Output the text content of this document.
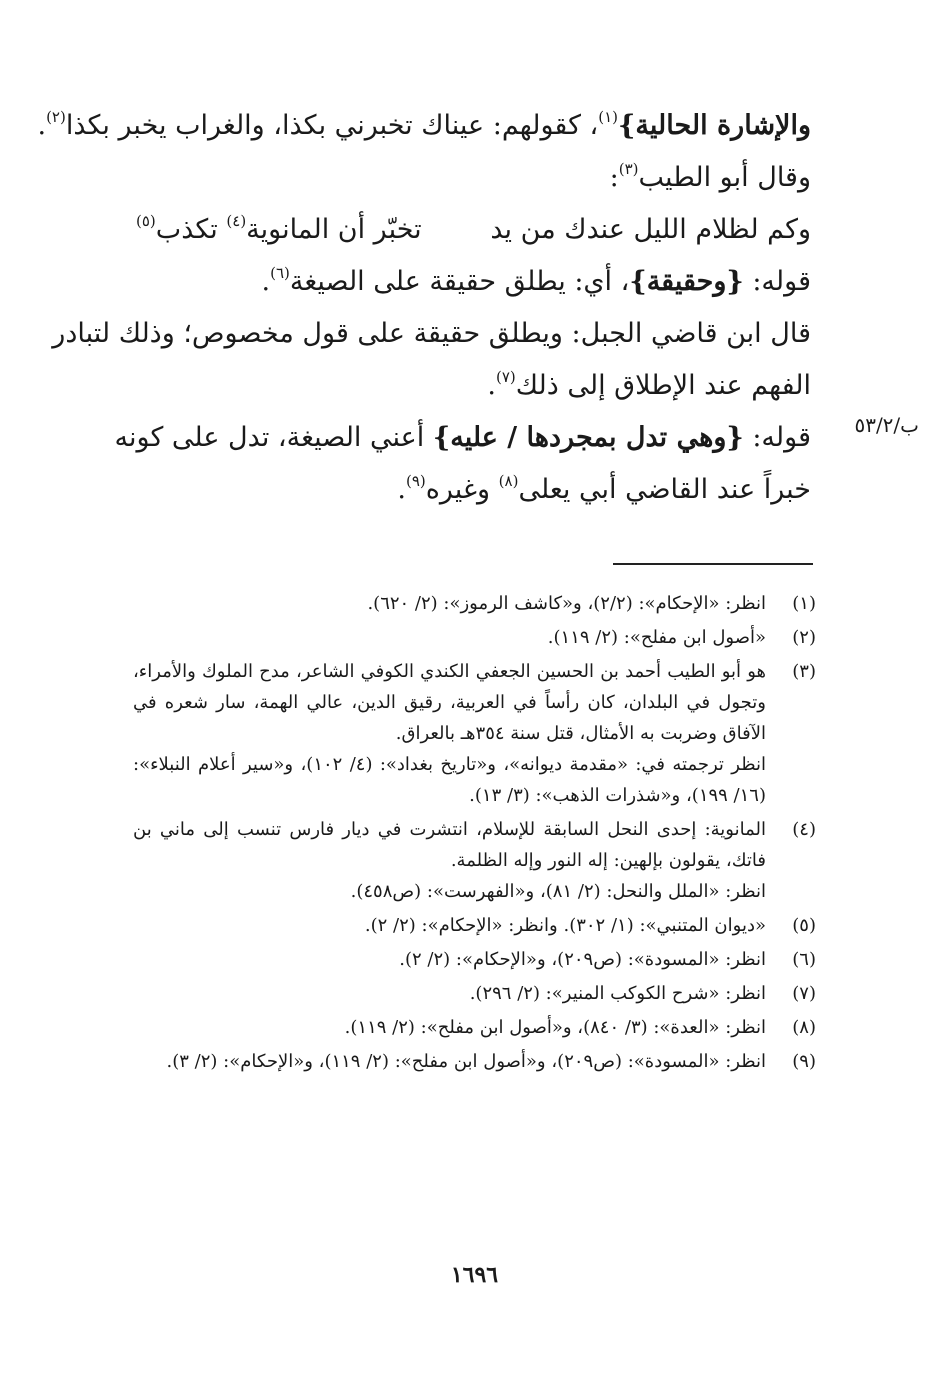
والإشارة الحالية}$^{(١)}$، كقولهم: عيناك تخبرني بكذا، والغراب يخبر بكذا$^{(٢)}$.
وقال أبو الطيب$^{(٣)}$:
وكم لظلام الليل عندك من يد
تخبّر أن المانوية$^{(٤)}$ تكذب$^{(٥)}$
قوله: {وحقيقة}، أي: يطلق حقيقة على الصيغة$^{(٦)}$.
قال ابن قاضي الجبل: ويطلق حقيقة على قول مخصوص؛ وذلك لتبادر
الفهم عند الإطلاق إلى ذلك$^{(٧)}$.
قوله: {وهي تدل بمجردها / عليه} أعني الصيغة، تدل على كونه
خبراً عند القاضي أبي يعلى$^{(٨)}$ وغيره$^{(٩)}$.
ب/٥٣/٢
(١)
انظر: «الإحكام»: (٢/٢)، و«كاشف الرموز»: (٢/ ٦٢٠).
(٢)
«أصول ابن مفلح»: (٢/ ١١٩).
(٣)
هو أبو الطيب أحمد بن الحسين الجعفي الكندي الكوفي الشاعر، مدح الملوك والأمراء، وتجول في البلدان، كان رأساً في العربية، رقيق الدين، عالي الهمة، سار شعره في الآفاق وضربت به الأمثال، قتل سنة ٣٥٤هـ بالعراق.
انظر ترجمته في: «مقدمة ديوانه»، و«تاريخ بغداد»: (٤/ ١٠٢)، و«سير أعلام النبلاء»: (١٦/ ١٩٩)، و«شذرات الذهب»: (٣/ ١٣).
(٤)
المانوية: إحدى النحل السابقة للإسلام، انتشرت في ديار فارس تنسب إلى ماني بن فاتك، يقولون بإلهين: إله النور وإله الظلمة.
انظر: «الملل والنحل: (٢/ ٨١)، و«الفهرست»: (ص٤٥٨).
(٥)
«ديوان المتنبي»: (١/ ٣٠٢). وانظر: «الإحكام»: (٢/ ٢).
(٦)
انظر: «المسودة»: (ص٢٠٩)، و«الإحكام»: (٢/ ٢).
(٧)
انظر: «شرح الكوكب المنير»: (٢/ ٢٩٦).
(٨)
انظر: «العدة»: (٣/ ٨٤٠)، و«أصول ابن مفلح»: (٢/ ١١٩).
(٩)
انظر: «المسودة»: (ص٢٠٩)، و«أصول ابن مفلح»: (٢/ ١١٩)، و«الإحكام»: (٢/ ٣).
١٦٩٦
